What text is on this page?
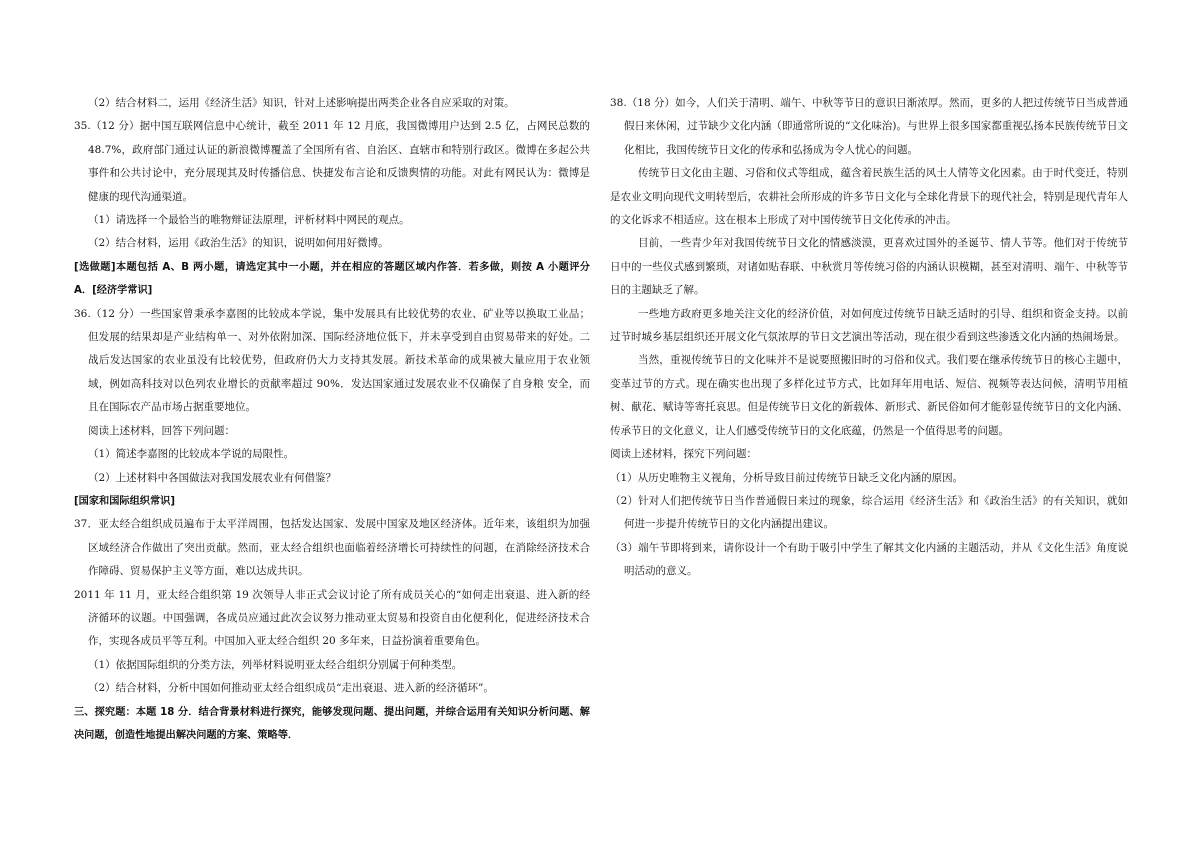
（2）结合材料二，运用《经济生活》知识，针对上述影响提出两类企业各自应采取的对策。

35.（12 分）据中国互联网信息中心统计，截至 2011 年 12 月底，我国微博用户达到 2.5 亿，占网民总数的 48.7%，政府部门通过认证的新浪微博覆盖了全国所有省、自治区、直辖市和特别行政区。微博在多起公共事件和公共讨论中，充分展现其及时传播信息、快捷发布言论和反馈舆情的功能。对此有网民认为：微博是健康的现代沟通渠道。

（1）请选择一个最恰当的唯物辩证法原理，评析材料中网民的观点。

（2）结合材料，运用《政治生活》的知识，说明如何用好微博。

[选做题]本题包括 A、B 两小题，请选定其中一小题，并在相应的答题区域内作答．若多做，则按 A 小题评分 A．[经济学常识]

36.（12 分）一些国家曾秉承李嘉图的比较成本学说，集中发展具有比较优势的农业、矿业等以换取工业品；但发展的结果却是产业结构单一、对外依附加深、国际经济地位低下，并未享受到自由贸易带来的好处。二战后发达国家的农业虽没有比较优势，但政府仍大力支持其发展。新技术革命的成果被大量应用于农业领域，例如高科技对以色列农业增长的贡献率超过 90%．发达国家通过发展农业不仅确保了自身粮 安全，而且在国际农产品市场占据重要地位。

阅读上述材料，回答下列问题：

（1）简述李嘉图的比较成本学说的局限性。

（2）上述材料中各国做法对我国发展农业有何借鉴？

[国家和国际组织常识]

37．亚太经合组织成员遍布于太平洋周围，包括发达国家、发展中国家及地区经济体。近年来，该组织为加强区域经济合作做出了突出贡献。然而，亚太经合组织也面临着经济增长可持续性的问题，在消除经济技术合作障碍、贸易保护主义等方面，难以达成共识。

2011 年 11 月，亚太经合组织第 19 次领导人非正式会议讨论了所有成员关心的“如何走出衰退、进入新的经济循环的议题。中国强调，各成员应通过此次会议努力推动亚太贸易和投资自由化便利化，促进经济技术合作，实现各成员平等互利。中国加入亚太经合组织 20 多年来，日益扮演着重要角色。

（1）依据国际组织的分类方法，列举材料说明亚太经合组织分别属于何种类型。

（2）结合材料，分析中国如何推动亚太经合组织成员“走出衰退、进入新的经济循环”。

三、探究题：本题 18 分．结合背景材料进行探究，能够发现问题、提出问题，并综合运用有关知识分析问题、解决问题，创造性地提出解决问题的方案、策略等．

38.（18 分）如今，人们关于清明、端午、中秋等节日的意识日渐浓厚。然而，更多的人把过传统节日当成普通假日来休闲，过节缺少文化内涵（即通常所说的“文化味治)。与世界上很多国家都重视弘扬本民族传统节日文化相比，我国传统节日文化的传承和弘扬成为令人忧心的问题。

传统节日文化由主题、习俗和仪式等组成，蕴含着民族生活的风土人情等文化因素。由于时代变迁，特别是农业文明向现代文明转型后，农耕社会所形成的许多节日文化与全球化背景下的现代社会，特别是现代青年人的文化诉求不相适应。这在根本上形成了对中国传统节日文化传承的冲击。

目前，一些青少年对我国传统节日文化的情感淡漠，更喜欢过国外的圣诞节、情人节等。他们对于传统节日中的一些仪式感到繁琐，对诸如贴春联、中秋赏月等传统习俗的内涵认识模糊，甚至对清明、端午、中秋等节日的主题缺乏了解。

一些地方政府更多地关注文化的经济价值，对如何度过传统节日缺乏适时的引导、组织和资金支持。以前过节时城乡基层组织还开展文化气氛浓厚的节日文艺演出等活动，现在很少看到这些渗透文化内涵的热闹场景。

当然，重视传统节日的文化味并不是说要照搬旧时的习俗和仪式。我们要在继承传统节日的核心主题中，变革过节的方式。现在确实也出现了多样化过节方式，比如拜年用电话、短信、视频等表达问候，清明节用植树、献花、赋诗等寄托哀思。但是传统节日文化的新载体、新形式、新民俗如何才能彰显传统节日的文化内涵、传承节日的文化意义，让人们感受传统节日的文化底蕴，仍然是一个值得思考的问题。

阅读上述材料，探究下列问题：

（1）从历史唯物主义视角，分析导致目前过传统节日缺乏文化内涵的原因。

（2）针对人们把传统节日当作普通假日来过的现象，综合运用《经济生活》和《政治生活》的有关知识，就如何进一步提升传统节日的文化内涵提出建议。

（3）端午节即将到来，请你设计一个有助于吸引中学生了解其文化内涵的主题活动，并从《文化生活》角度说明活动的意义。
